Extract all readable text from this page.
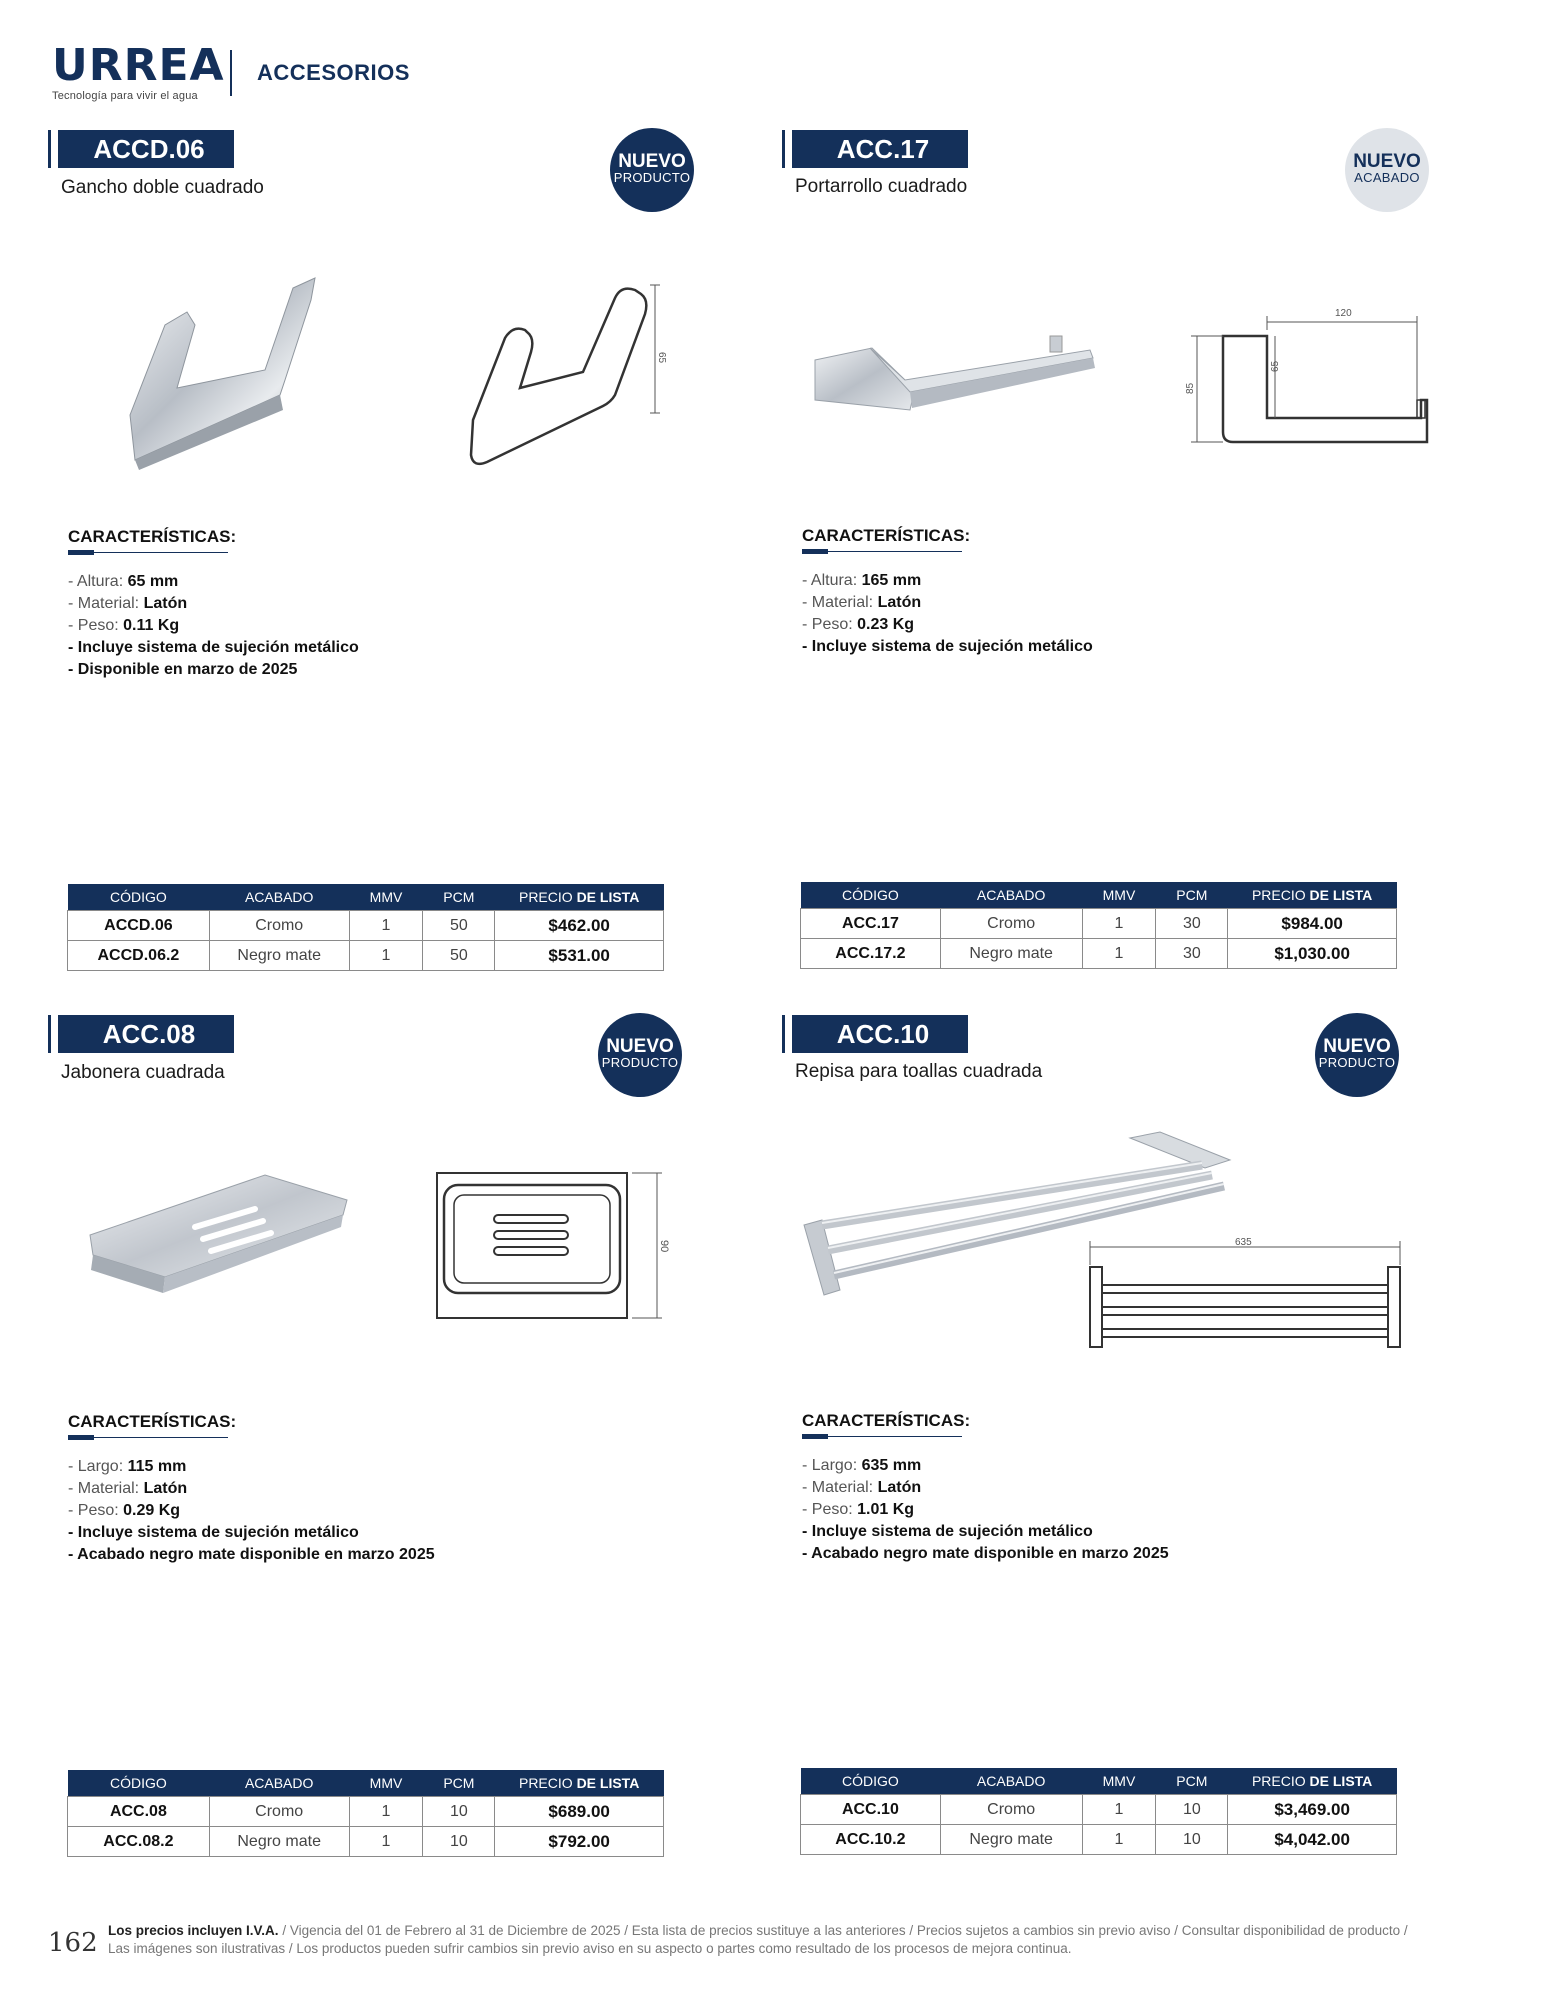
URREA
Tecnología para vivir el agua
ACCESORIOS
ACCD.06
Gancho doble cuadrado
NUEVO
PRODUCTO
65
CARACTERÍSTICAS:
- Altura: 65 mm
- Material: Latón
- Peso: 0.11 Kg
- Incluye sistema de sujeción metálico
- Disponible en marzo de 2025
CÓDIGO	ACABADO	MMV	PCM	PRECIO DE LISTA
ACCD.06	Cromo	1	50	$462.00
ACCD.06.2	Negro mate	1	50	$531.00
ACC.17
Portarrollo cuadrado
NUEVO
ACABADO
120
65
85
CARACTERÍSTICAS:
- Altura: 165 mm
- Material: Latón
- Peso: 0.23 Kg
- Incluye sistema de sujeción metálico
CÓDIGO	ACABADO	MMV	PCM	PRECIO DE LISTA
ACC.17	Cromo	1	30	$984.00
ACC.17.2	Negro mate	1	30	$1,030.00
ACC.08
Jabonera cuadrada
NUEVO
PRODUCTO
90
CARACTERÍSTICAS:
- Largo: 115 mm
- Material: Latón
- Peso: 0.29 Kg
- Incluye sistema de sujeción metálico
- Acabado negro mate disponible en marzo 2025
CÓDIGO	ACABADO	MMV	PCM	PRECIO DE LISTA
ACC.08	Cromo	1	10	$689.00
ACC.08.2	Negro mate	1	10	$792.00
ACC.10
Repisa para toallas cuadrada
NUEVO
PRODUCTO
635
CARACTERÍSTICAS:
- Largo: 635 mm
- Material: Latón
- Peso: 1.01 Kg
- Incluye sistema de sujeción metálico
- Acabado negro mate disponible en marzo 2025
CÓDIGO	ACABADO	MMV	PCM	PRECIO DE LISTA
ACC.10	Cromo	1	10	$3,469.00
ACC.10.2	Negro mate	1	10	$4,042.00
162 Los precios incluyen I.V.A. / Vigencia del 01 de Febrero al 31 de Diciembre de 2025 / Esta lista de precios sustituye a las anteriores / Precios sujetos a cambios sin previo aviso / Consultar disponibilidad de producto / Las imágenes son ilustrativas / Los productos pueden sufrir cambios sin previo aviso en su aspecto o partes como resultado de los procesos de mejora continua.
